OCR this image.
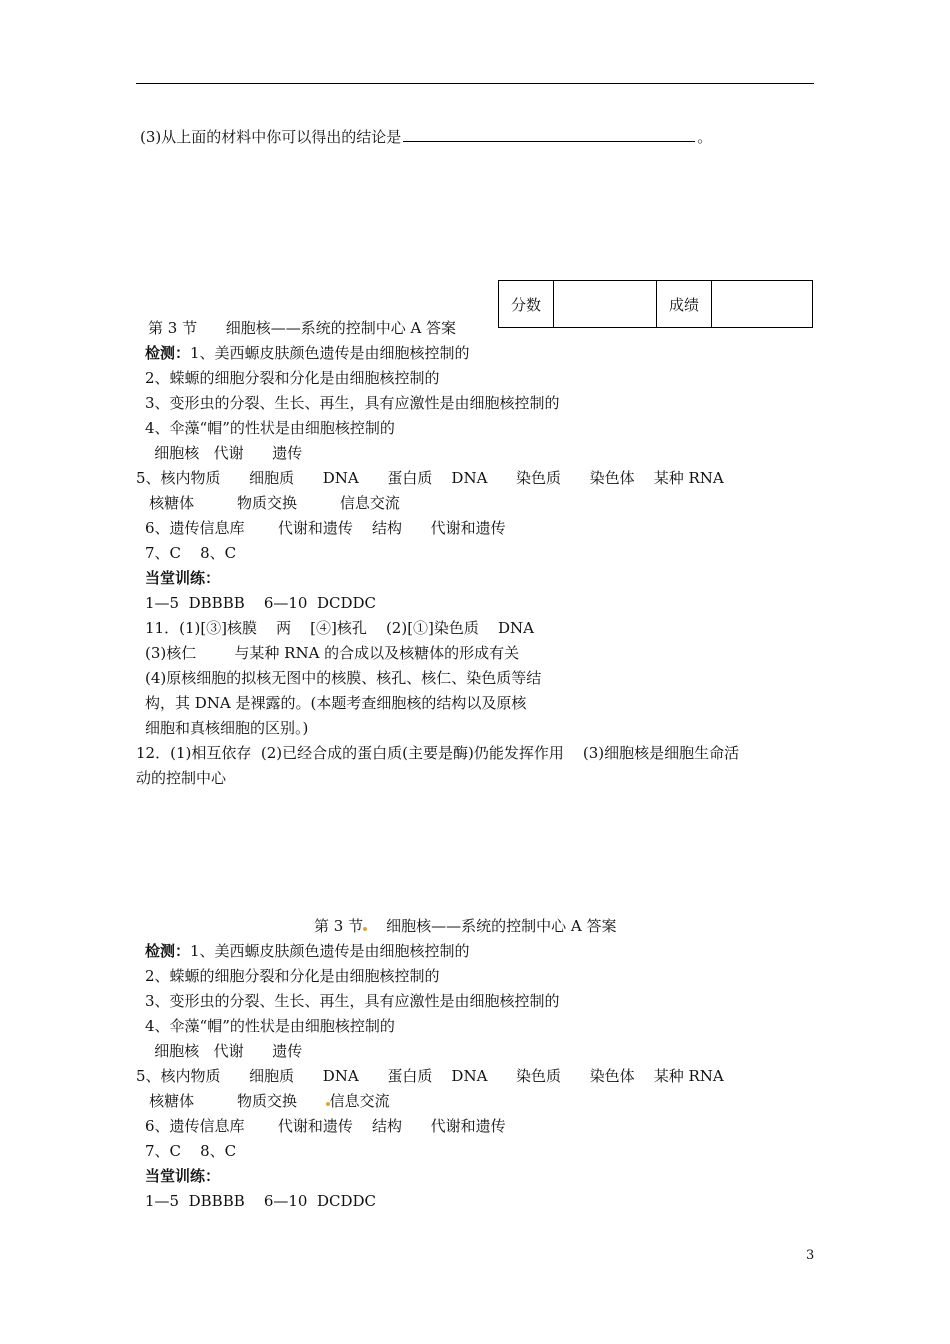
(3)从上面的材料中你可以得出的结论是	。
分数		成绩	
第 3 节      细胞核——系统的控制中心 A 答案
检测：1、美西螈皮肤颜色遗传是由细胞核控制的
2、蝾螈的细胞分裂和分化是由细胞核控制的
3、变形虫的分裂、生长、再生，具有应激性是由细胞核控制的
4、伞藻“帽”的性状是由细胞核控制的
细胞核   代谢      遗传
5、核内物质      细胞质      DNA      蛋白质    DNA      染色质      染色体    某种 RNA
核糖体         物质交换         信息交流
6、遗传信息库       代谢和遗传    结构      代谢和遗传
7、C    8、C
当堂训练：
1—5  DBBBB    6—10  DCDDC
11．(1)[③]核膜    两    [④]核孔    (2)[①]染色质    DNA
(3)核仁        与某种 RNA 的合成以及核糖体的形成有关
(4)原核细胞的拟核无图中的核膜、核孔、核仁、染色质等结
构，其 DNA 是裸露的。(本题考查细胞核的结构以及原核
细胞和真核细胞的区别。)
12．(1)相互依存  (2)已经合成的蛋白质(主要是酶)仍能发挥作用    (3)细胞核是细胞生命活
动的控制中心
第 3 节    细胞核——系统的控制中心 A 答案
检测：1、美西螈皮肤颜色遗传是由细胞核控制的
2、蝾螈的细胞分裂和分化是由细胞核控制的
3、变形虫的分裂、生长、再生，具有应激性是由细胞核控制的
4、伞藻“帽”的性状是由细胞核控制的
细胞核   代谢      遗传
5、核内物质      细胞质      DNA      蛋白质    DNA      染色质      染色体    某种 RNA
核糖体         物质交换      信息交流
6、遗传信息库       代谢和遗传    结构      代谢和遗传
7、C    8、C
当堂训练：
1—5  DBBBB    6—10  DCDDC
3
